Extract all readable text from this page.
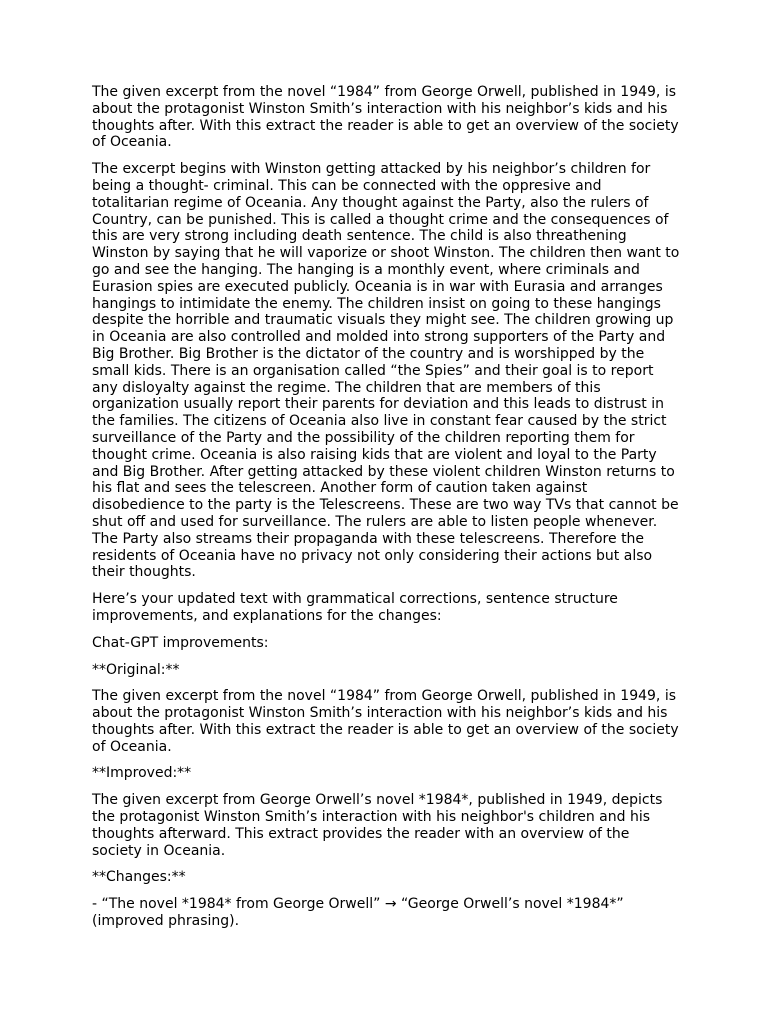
The given excerpt from the novel “1984” from George Orwell, published in 1949, is about the protagonist Winston Smith’s interaction with his neighbor’s kids and his thoughts after. With this extract the reader is able to get an overview of the society of Oceania.

The excerpt begins with Winston getting attacked by his neighbor’s children for being a thought- criminal. This can be connected with the oppresive and totalitarian regime of Oceania. Any thought against the Party, also the rulers of Country, can be punished. This is called a thought crime and the consequences of this are very strong including death sentence. The child is also threathening Winston by saying that he will vaporize or shoot Winston. The children then want to go and see the hanging. The hanging is a monthly event, where criminals and Eurasion spies are executed publicly. Oceania is in war with Eurasia and arranges hangings to intimidate the enemy. The children insist on going to these hangings despite the horrible and traumatic visuals they might see. The children growing up in Oceania are also controlled and molded into strong supporters of the Party and Big Brother. Big Brother is the dictator of the country and is worshipped by the small kids. There is an organisation called “the Spies” and their goal is to report any disloyalty against the regime. The children that are members of this organization usually report their parents for deviation and this leads to distrust in the families. The citizens of Oceania also live in constant fear caused by the strict surveillance of the Party and the possibility of the children reporting them for thought crime. Oceania is also raising kids that are violent and loyal to the Party and Big Brother. After getting attacked by these violent children Winston returns to his flat and sees the telescreen. Another form of caution taken against disobedience to the party is the Telescreens. These are two way TVs that cannot be shut off and used for surveillance. The rulers are able to listen people whenever. The Party also streams their propaganda with these telescreens. Therefore the residents of Oceania have no privacy not only considering their actions but also their thoughts.

Here’s your updated text with grammatical corrections, sentence structure improvements, and explanations for the changes:

Chat-GPT improvements:

**Original:**

The given excerpt from the novel “1984” from George Orwell, published in 1949, is about the protagonist Winston Smith’s interaction with his neighbor’s kids and his thoughts after. With this extract the reader is able to get an overview of the society of Oceania.

**Improved:**

The given excerpt from George Orwell’s novel *1984*, published in 1949, depicts the protagonist Winston Smith’s interaction with his neighbor's children and his thoughts afterward. This extract provides the reader with an overview of the society in Oceania.

**Changes:**

- “The novel *1984* from George Orwell” → “George Orwell’s novel *1984*” (improved phrasing).
